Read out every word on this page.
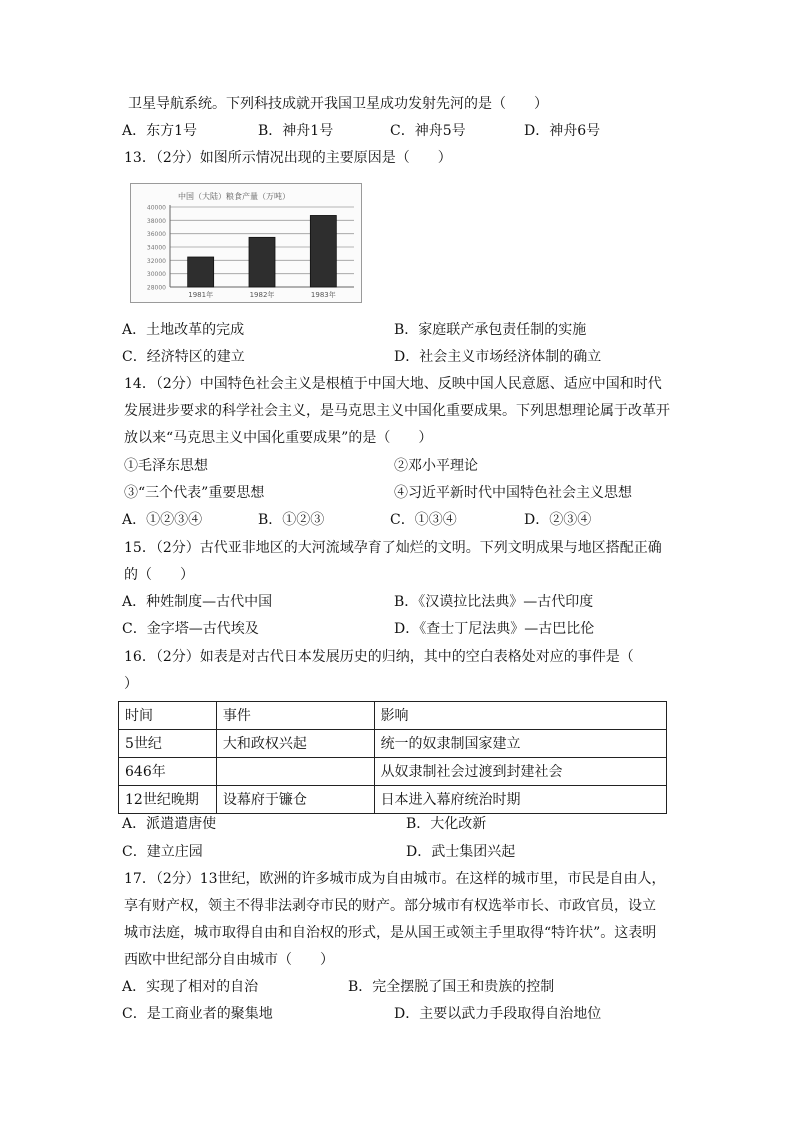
卫星导航系统。下列科技成就开我国卫星成功发射先河的是（　　）
A．东方1号	B．神舟1号	C．神舟5号	D．神舟6号
13．（2分）如图所示情况出现的主要原因是（　　）
中国（大陆）粮食产量（万吨）
40000
38000
36000
34000
32000
30000
28000
1981年	1982年	1983年
A．土地改革的完成	B．家庭联产承包责任制的实施
C．经济特区的建立	D．社会主义市场经济体制的确立
14．（2分）中国特色社会主义是根植于中国大地、反映中国人民意愿、适应中国和时代
发展进步要求的科学社会主义，是马克思主义中国化重要成果。下列思想理论属于改革开
放以来“马克思主义中国化重要成果”的是（　　）
①毛泽东思想	②邓小平理论
③“三个代表”重要思想	④习近平新时代中国特色社会主义思想
A．①②③④	B．①②③	C．①③④	D．②③④
15．（2分）古代亚非地区的大河流域孕育了灿烂的文明。下列文明成果与地区搭配正确
的（　　）
A．种姓制度—古代中国	B．《汉谟拉比法典》—古代印度
C．金字塔—古代埃及	D．《查士丁尼法典》—古巴比伦
16．（2分）如表是对古代日本发展历史的归纳，其中的空白表格处对应的事件是（
）
时间	事件	影响
5世纪	大和政权兴起	统一的奴隶制国家建立
646年		从奴隶制社会过渡到封建社会
12世纪晚期	设幕府于镰仓	日本进入幕府统治时期
A．派遣遣唐使	B．大化改新
C．建立庄园	D．武士集团兴起
17．（2分）13世纪，欧洲的许多城市成为自由城市。在这样的城市里，市民是自由人，
享有财产权，领主不得非法剥夺市民的财产。部分城市有权选举市长、市政官员，设立
城市法庭，城市取得自由和自治权的形式，是从国王或领主手里取得“特许状”。这表明
西欧中世纪部分自由城市（　　）
A．实现了相对的自治	B．完全摆脱了国王和贵族的控制
C．是工商业者的聚集地	D．主要以武力手段取得自治地位
